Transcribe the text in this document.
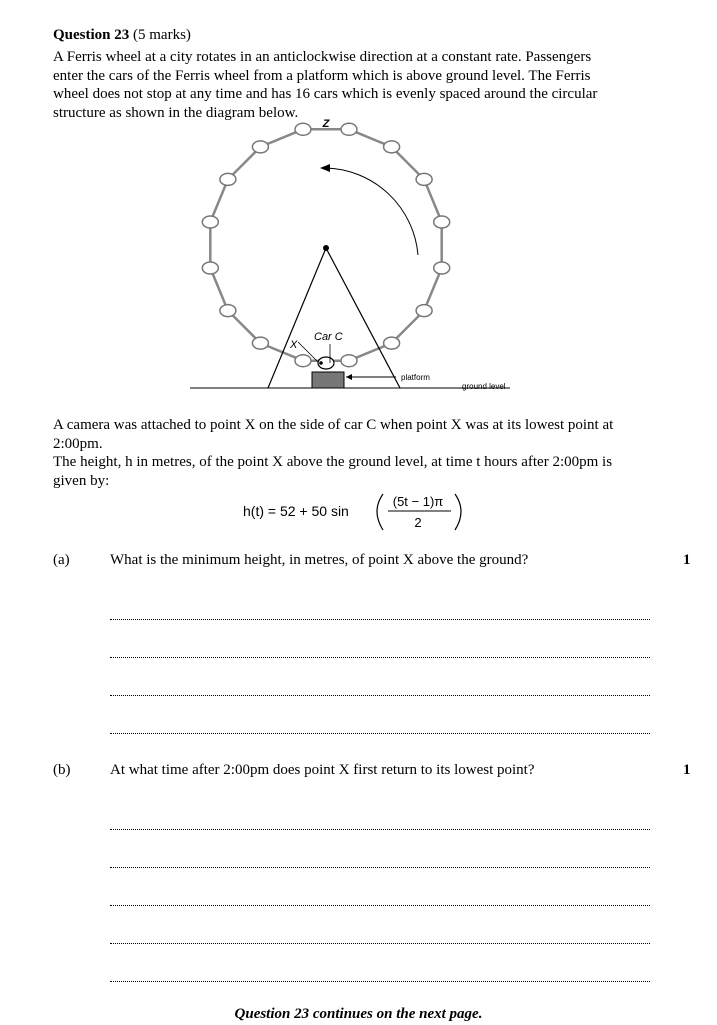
Question 23 (5 marks)
A Ferris wheel at a city rotates in an anticlockwise direction at a constant rate. Passengers
enter the cars of the Ferris wheel from a platform which is above ground level. The Ferris
wheel does not stop at any time and has 16 cars which is evenly spaced around the circular
structure as shown in the diagram below.
Z
Car C
X
platform
ground level
A camera was attached to point X on the side of car C when point X was at its lowest point at
2:00pm.
The height, h in metres, of the point X above the ground level, at time t hours after 2:00pm is
given by:
h(t) = 52 + 50 sin
(5t − 1)π
2
(a)	What is the minimum height, in metres, of point X above the ground?	1
(b)	At what time after 2:00pm does point X first return to its lowest point?	1
Question 23 continues on the next page.
